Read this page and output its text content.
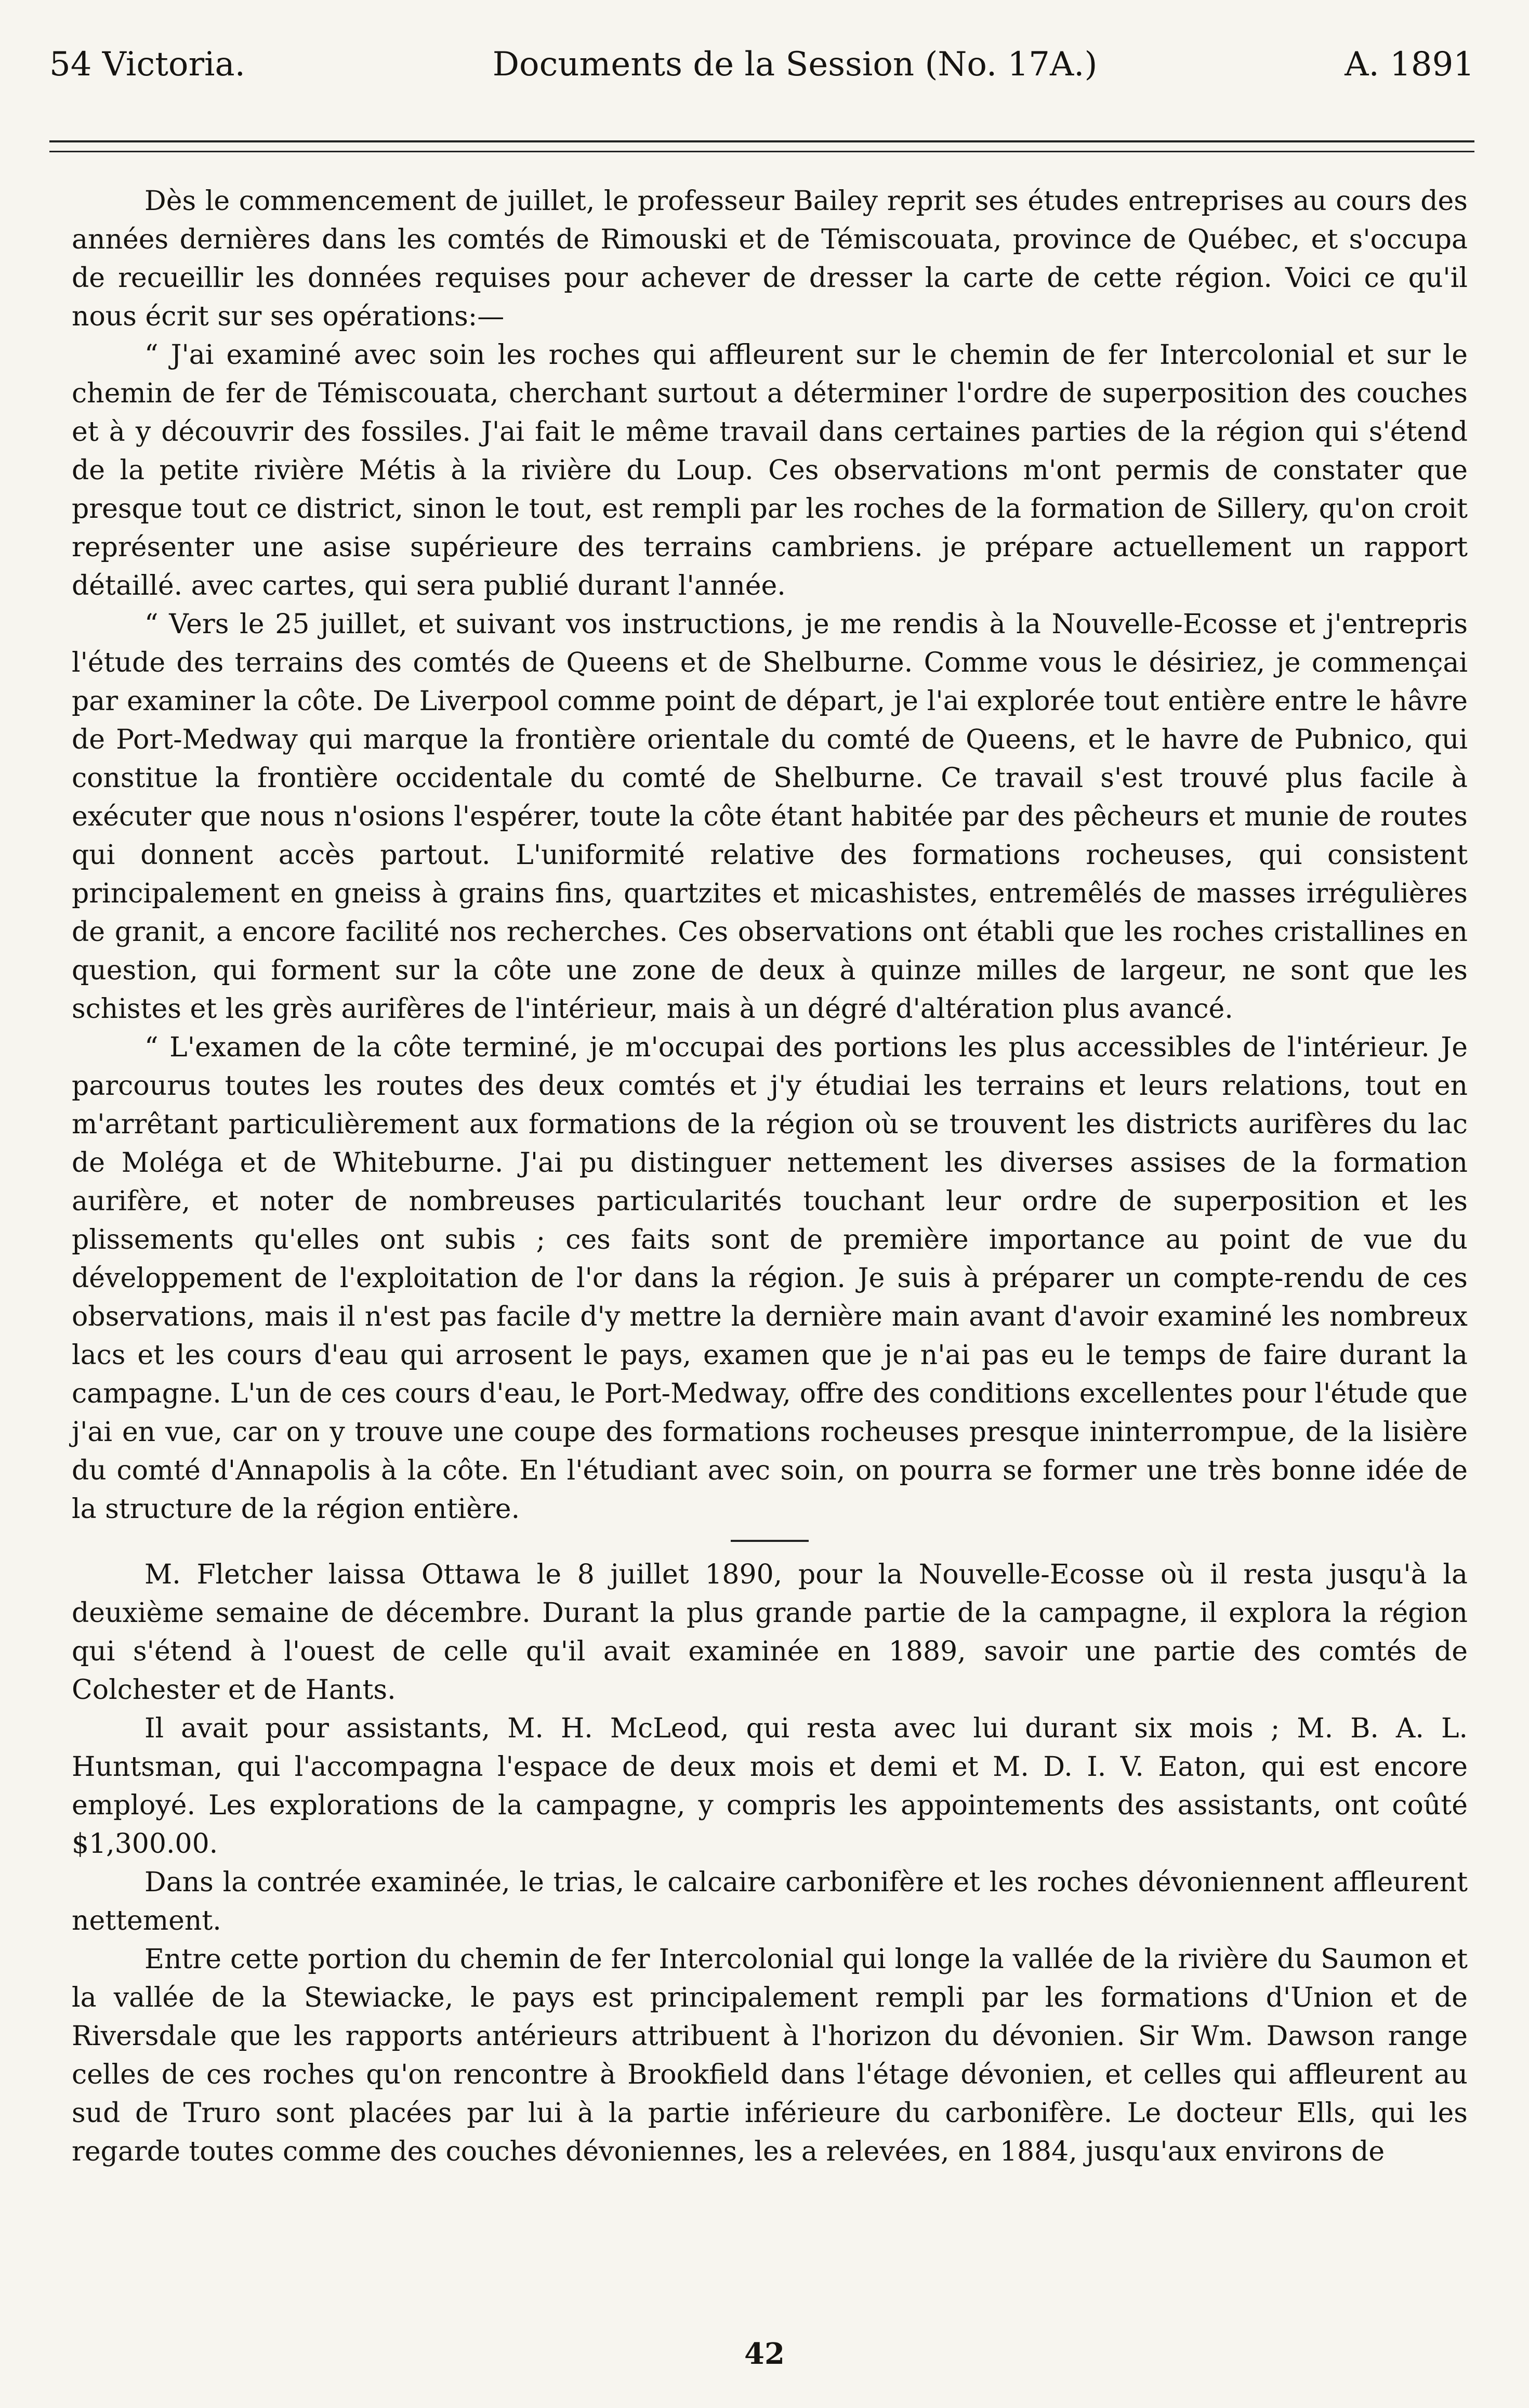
54 Victoria.	Documents de la Session (No. 17A.)	A. 1891

Dès le commencement de juillet, le professeur Bailey reprit ses études entreprises au cours des années dernières dans les comtés de Rimouski et de Témiscouata, province de Québec, et s'occupa de recueillir les données requises pour achever de dresser la carte de cette région. Voici ce qu'il nous écrit sur ses opérations:—

“ J'ai examiné avec soin les roches qui affleurent sur le chemin de fer Intercolonial et sur le chemin de fer de Témiscouata, cherchant surtout a déterminer l'ordre de superposition des couches et à y découvrir des fossiles. J'ai fait le même travail dans certaines parties de la région qui s'étend de la petite rivière Métis à la rivière du Loup. Ces observations m'ont permis de constater que presque tout ce district, sinon le tout, est rempli par les roches de la formation de Sillery, qu'on croit représenter une asise supérieure des terrains cambriens. je prépare actuellement un rapport détaillé. avec cartes, qui sera publié durant l'année.

“ Vers le 25 juillet, et suivant vos instructions, je me rendis à la Nouvelle-Ecosse et j'entrepris l'étude des terrains des comtés de Queens et de Shelburne. Comme vous le désiriez, je commençai par examiner la côte. De Liverpool comme point de départ, je l'ai explorée tout entière entre le hâvre de Port-Medway qui marque la frontière orientale du comté de Queens, et le havre de Pubnico, qui constitue la frontière occidentale du comté de Shelburne. Ce travail s'est trouvé plus facile à exécuter que nous n'osions l'espérer, toute la côte étant habitée par des pêcheurs et munie de routes qui donnent accès partout. L'uniformité relative des formations rocheuses, qui consistent principalement en gneiss à grains fins, quartzites et micashistes, entremêlés de masses irrégulières de granit, a encore facilité nos recherches. Ces observations ont établi que les roches cristallines en question, qui forment sur la côte une zone de deux à quinze milles de largeur, ne sont que les schistes et les grès aurifères de l'intérieur, mais à un dégré d'altération plus avancé.

“ L'examen de la côte terminé, je m'occupai des portions les plus accessibles de l'intérieur. Je parcourus toutes les routes des deux comtés et j'y étudiai les terrains et leurs relations, tout en m'arrêtant particulièrement aux formations de la région où se trouvent les districts aurifères du lac de Moléga et de Whiteburne. J'ai pu distinguer nettement les diverses assises de la formation aurifère, et noter de nombreuses particularités touchant leur ordre de superposition et les plissements qu'elles ont subis ; ces faits sont de première importance au point de vue du développement de l'exploitation de l'or dans la région. Je suis à préparer un compte-rendu de ces observations, mais il n'est pas facile d'y mettre la dernière main avant d'avoir examiné les nombreux lacs et les cours d'eau qui arrosent le pays, examen que je n'ai pas eu le temps de faire durant la campagne. L'un de ces cours d'eau, le Port-Medway, offre des conditions excellentes pour l'étude que j'ai en vue, car on y trouve une coupe des formations rocheuses presque ininterrompue, de la lisière du comté d'Annapolis à la côte. En l'étudiant avec soin, on pourra se former une très bonne idée de la structure de la région entière.

M. Fletcher laissa Ottawa le 8 juillet 1890, pour la Nouvelle-Ecosse où il resta jusqu'à la deuxième semaine de décembre. Durant la plus grande partie de la campagne, il explora la région qui s'étend à l'ouest de celle qu'il avait examinée en 1889, savoir une partie des comtés de Colchester et de Hants.

Il avait pour assistants, M. H. McLeod, qui resta avec lui durant six mois ; M. B. A. L. Huntsman, qui l'accompagna l'espace de deux mois et demi et M. D. I. V. Eaton, qui est encore employé. Les explorations de la campagne, y compris les appointements des assistants, ont coûté $1,300.00.

Dans la contrée examinée, le trias, le calcaire carbonifère et les roches dévoniennent affleurent nettement.

Entre cette portion du chemin de fer Intercolonial qui longe la vallée de la rivière du Saumon et la vallée de la Stewiacke, le pays est principalement rempli par les formations d'Union et de Riversdale que les rapports antérieurs attribuent à l'horizon du dévonien. Sir Wm. Dawson range celles de ces roches qu'on rencontre à Brookfield dans l'étage dévonien, et celles qui affleurent au sud de Truro sont placées par lui à la partie inférieure du carbonifère. Le docteur Ells, qui les regarde toutes comme des couches dévoniennes, les a relevées, en 1884, jusqu'aux environs de

42
